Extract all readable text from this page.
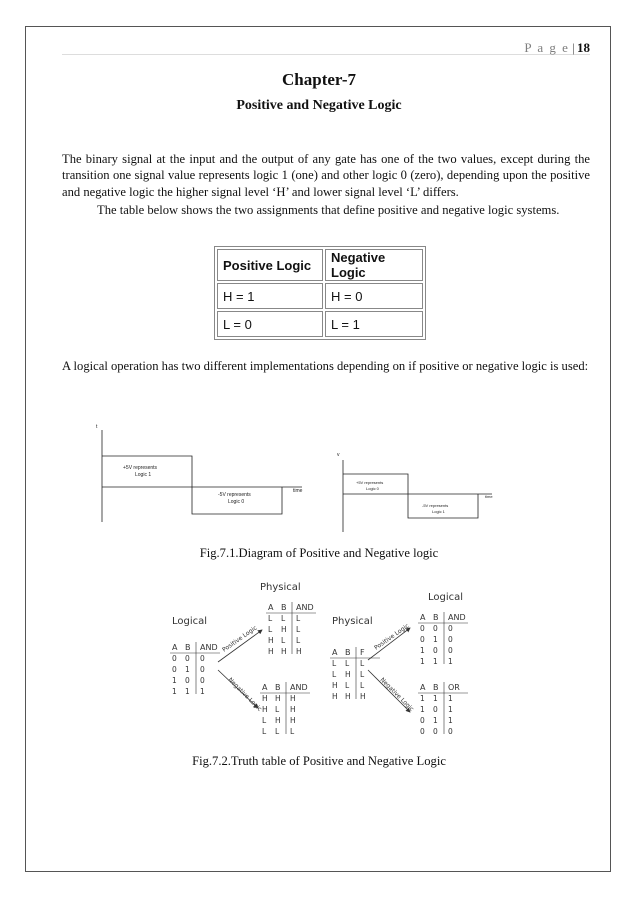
P a g e | 18
Chapter-7
Positive and Negative Logic

The binary signal at the input and the output of any gate has one of the two values, except during the transition one signal value represents logic 1 (one) and other logic 0 (zero), depending upon the positive and negative logic the higher signal level ‘H’ and lower signal level ‘L’ differs.

The table below shows the two assignments that define positive and negative logic systems.

Positive Logic	Negative Logic
H = 1	H = 0
L = 0	L = 1

A logical operation has two different implementations depending on if positive or negative logic is used:

t
+5V represents
Logic 1
-5V represents
Logic 0
time
v
+5V represents
Logic 0
-5V represents
Logic 1
time
Fig.7.1.Diagram of Positive and Negative logic
Physical
Logical	Physical
Logical
Positive Logic
Negative Logic
Positive Logic
Negative Logic
A B AND
0 0 0
0 1 0
1 0 0
1 1 1
A B AND
L L L
L H L
H L L
H H H
A B AND
H H H
H L H
L H H
L L L
A B F
L L L
L H L
H L L
H H H
A B AND
0 0 0
0 1 0
1 0 0
1 1 1
A B OR
1 1 1
1 0 1
0 1 1
0 0 0
Fig.7.2.Truth table of Positive and Negative Logic
